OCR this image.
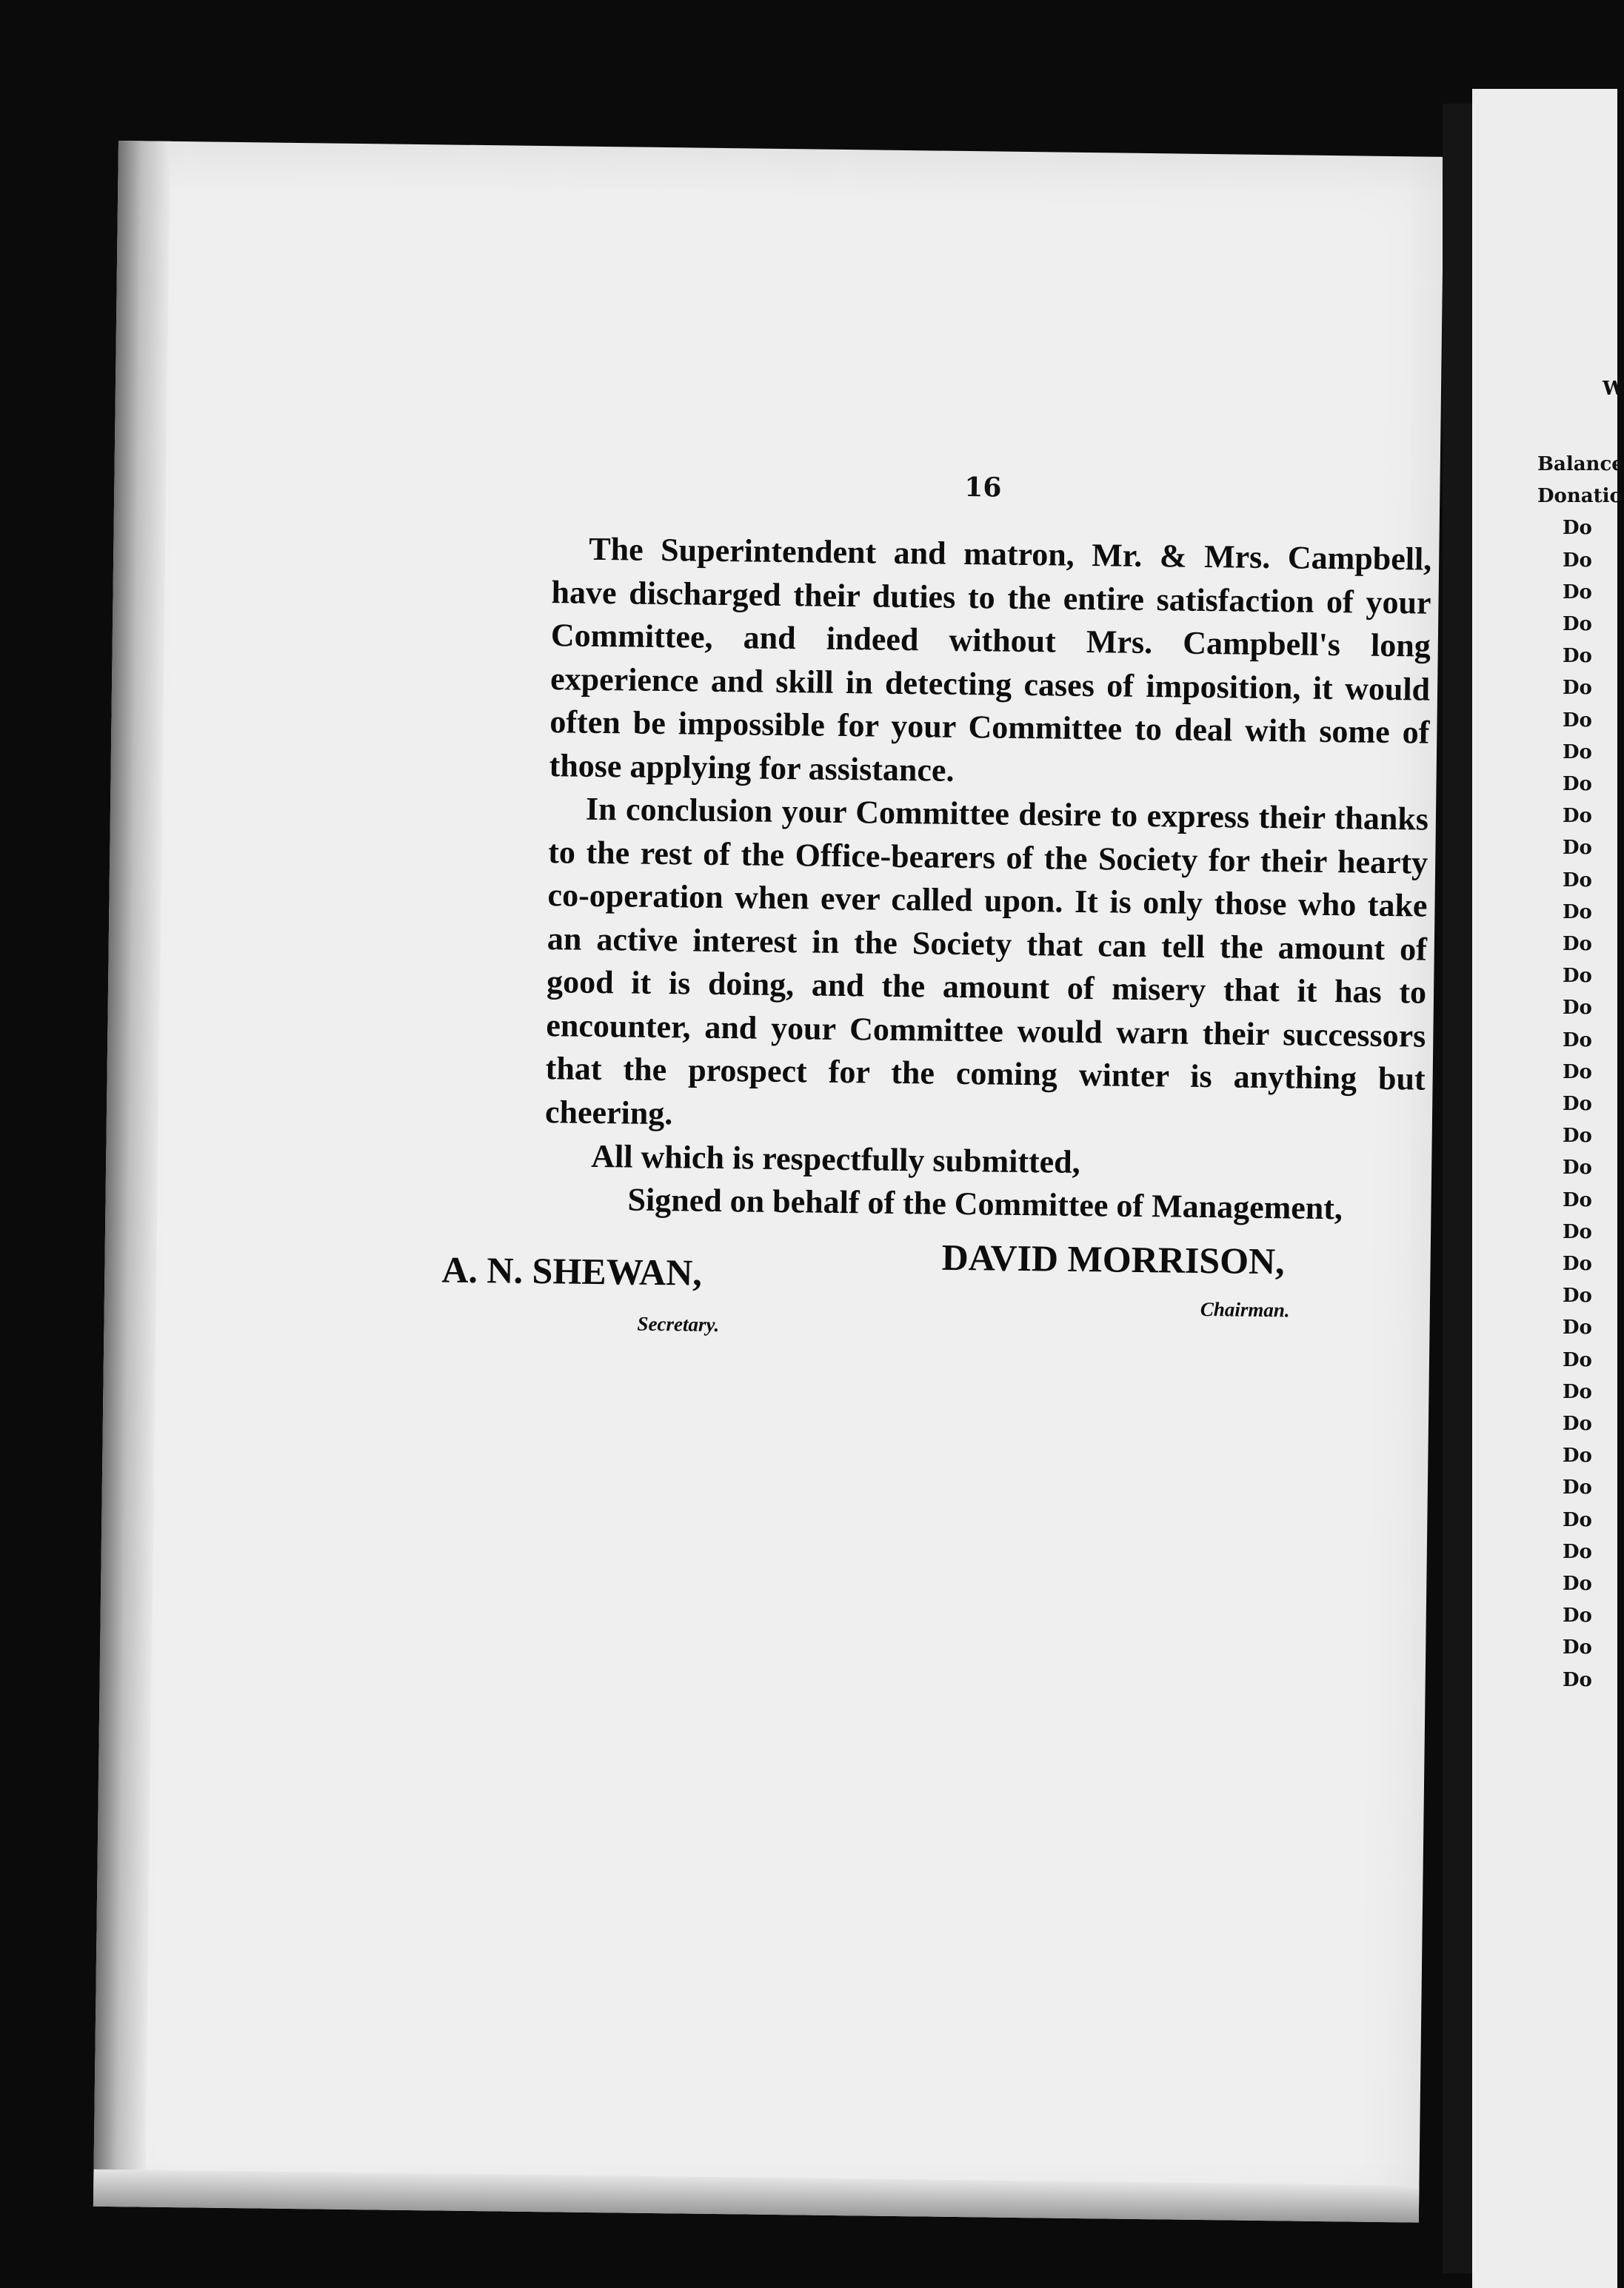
16

The Superintendent and matron, Mr. & Mrs. Campbell, have discharged their duties to the entire satisfaction of your Committee, and indeed without Mrs. Campbell's long experience and skill in detecting cases of imposition, it would often be impossible for your Committee to deal with some of those applying for assistance.

In conclusion your Committee desire to express their thanks to the rest of the Office-bearers of the Society for their hearty co-operation when ever called upon. It is only those who take an active interest in the Society that can tell the amount of good it is doing, and the amount of misery that it has to encounter, and your Committee would warn their successors that the prospect for the coming winter is anything but cheering.

All which is respectfully submitted,
Signed on behalf of the Committee of Management,
A. N. SHEWAN,
Secretary.
DAVID MORRISON,
Chairman.
W
Balance
Donatio
Do
Do
Do
Do
Do
Do
Do
Do
Do
Do
Do
Do
Do
Do
Do
Do
Do
Do
Do
Do
Do
Do
Do
Do
Do
Do
Do
Do
Do
Do
Do
Do
Do
Do
Do
Do
Do
